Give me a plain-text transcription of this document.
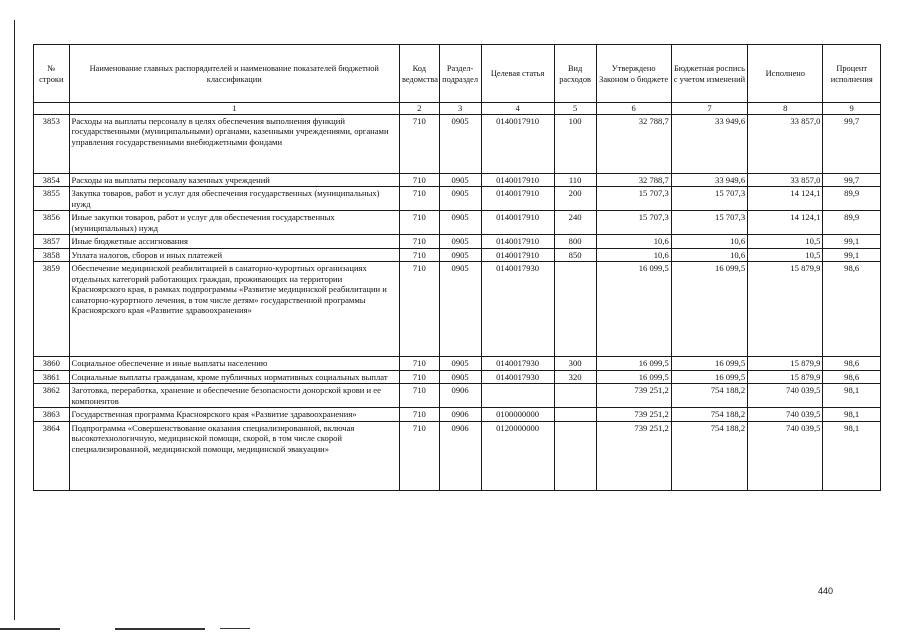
№ строки	Наименование главных распорядителей и наименование показателей бюджетной классификации	Код ведомства	Раздел-подраздел	Целевая статья	Вид расходов	Утверждено Законом о бюджете	Бюджетная роспись с учетом изменений	Исполнено	Процент исполнения
	1	2	3	4	5	6	7	8	9
3853	Расходы на выплаты персоналу в целях обеспечения выполнения функций государственными (муниципальными) органами, казенными учреждениями, органами управления государственными внебюджетными фондами	710	0905	0140017910	100	32 788,7	33 949,6	33 857,0	99,7
3854	Расходы на выплаты персоналу казенных учреждений	710	0905	0140017910	110	32 788,7	33 949,6	33 857,0	99,7
3855	Закупка товаров, работ и услуг для обеспечения государственных (муниципальных) нужд	710	0905	0140017910	200	15 707,3	15 707,3	14 124,1	89,9
3856	Иные закупки товаров, работ и услуг для обеспечения государственных (муниципальных) нужд	710	0905	0140017910	240	15 707,3	15 707,3	14 124,1	89,9
3857	Иные бюджетные ассигнования	710	0905	0140017910	800	10,6	10,6	10,5	99,1
3858	Уплата налогов, сборов и иных платежей	710	0905	0140017910	850	10,6	10,6	10,5	99,1
3859	Обеспечение медицинской реабилитацией в санаторно-курортных организациях отдельных категорий работающих граждан, проживающих на территории Красноярского края, в рамках подпрограммы «Развитие медицинской реабилитации и санаторно-курортного лечения, в том числе детям» государственной программы Красноярского края «Развитие здравоохранения»	710	0905	0140017930		16 099,5	16 099,5	15 879,9	98,6
3860	Социальное обеспечение и иные выплаты населению	710	0905	0140017930	300	16 099,5	16 099,5	15 879,9	98,6
3861	Социальные выплаты гражданам, кроме публичных нормативных социальных выплат	710	0905	0140017930	320	16 099,5	16 099,5	15 879,9	98,6
3862	Заготовка, переработка, хранение и обеспечение безопасности донорской крови и ее компонентов	710	0906			739 251,2	754 188,2	740 039,5	98,1
3863	Государственная программа Красноярского края «Развитие здравоохранения»	710	0906	0100000000		739 251,2	754 188,2	740 039,5	98,1
3864	Подпрограмма «Совершенствование оказания специализированной, включая высокотехнологичную, медицинской помощи, скорой, в том числе скорой специализированной, медицинской помощи, медицинской эвакуации»	710	0906	0120000000		739 251,2	754 188,2	740 039,5	98,1
440
